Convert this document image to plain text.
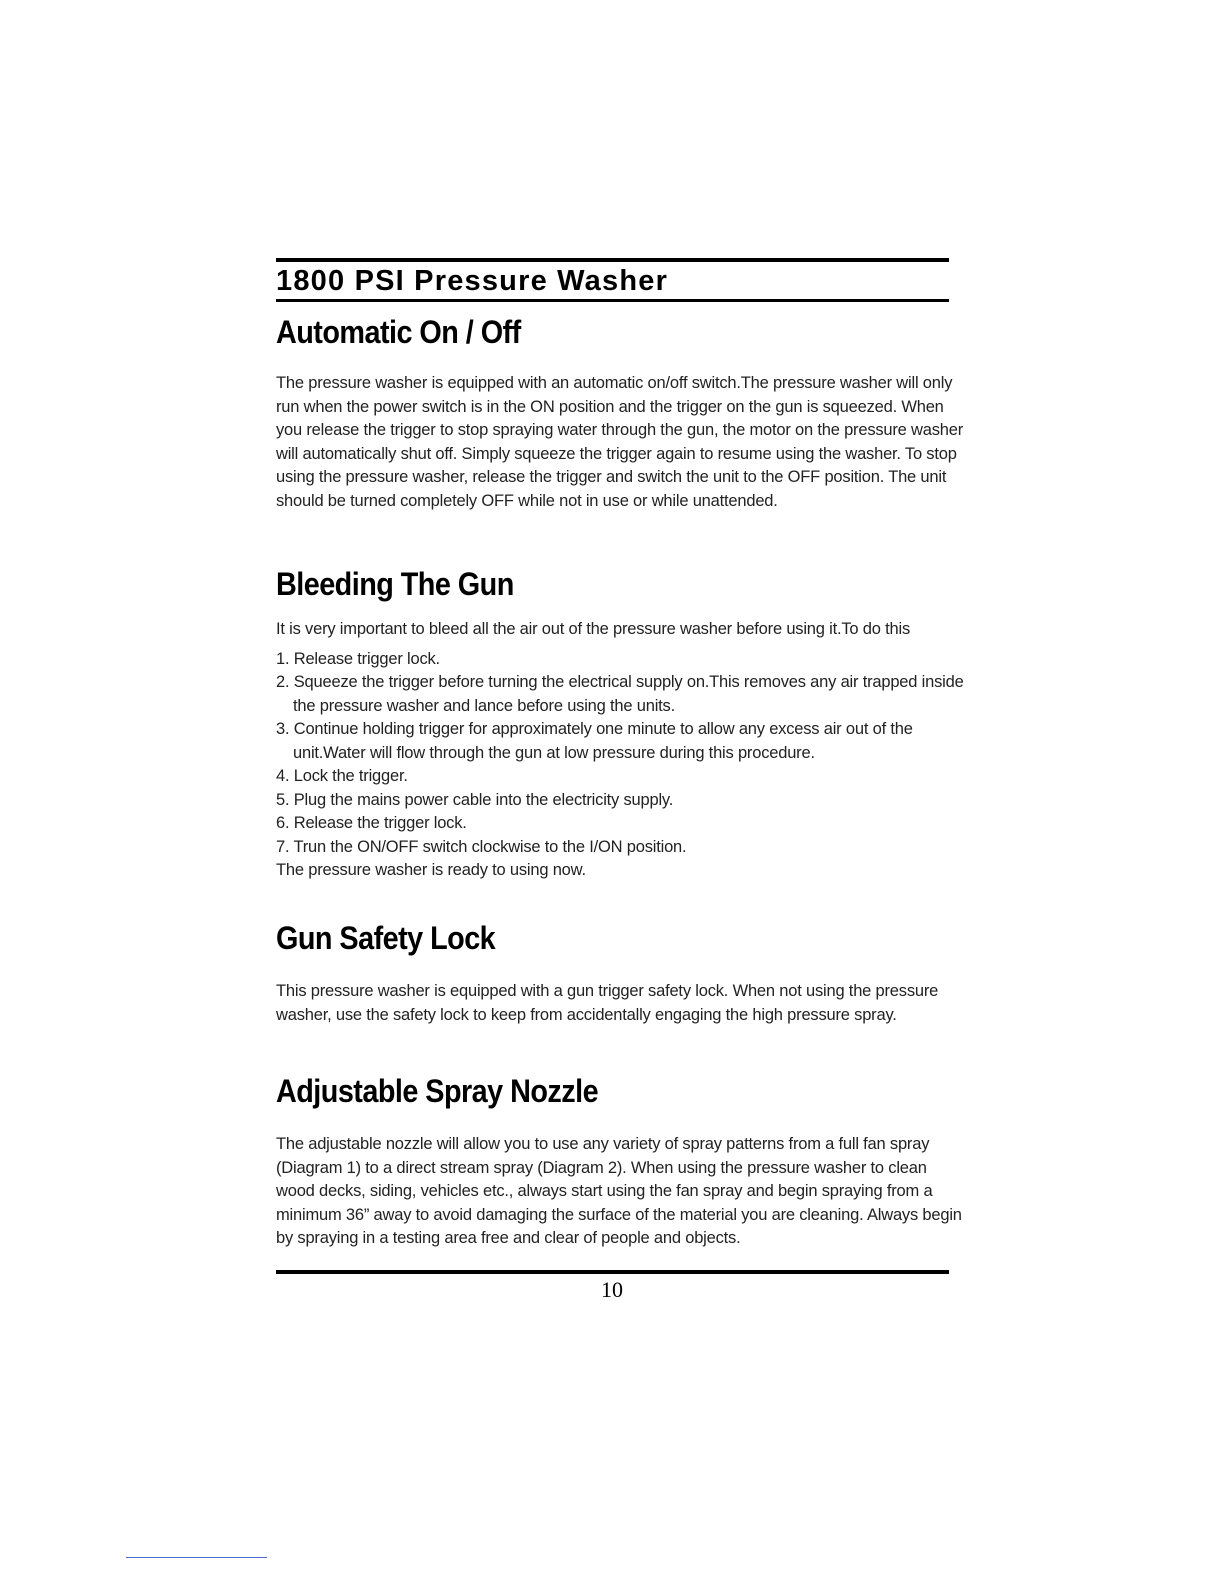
1800 PSI Pressure Washer
Automatic On / Off

The pressure washer is equipped with an automatic on/off switch.The pressure washer will only run when the power switch is in the ON position and the trigger on the gun is squeezed. When you release the trigger to stop spraying water through the gun, the motor on the pressure washer will automatically shut off. Simply squeeze the trigger again to resume using the washer. To stop using the pressure washer, release the trigger and switch the unit to the OFF position. The unit should be turned completely OFF while not in use or while unattended.

Bleeding The Gun

It is very important to bleed all the air out of the pressure washer before using it.To do this

1. Release trigger lock.
2. Squeeze the trigger before turning the electrical supply on.This removes any air trapped inside the pressure washer and lance before using the units.
3. Continue holding trigger for approximately one minute to allow any excess air out of the unit.Water will flow through the gun at low pressure during this procedure.
4. Lock the trigger.
5. Plug the mains power cable into the electricity supply.
6. Release the trigger lock.
7. Trun the ON/OFF switch clockwise to the I/ON position.

The pressure washer is ready to using now.

Gun Safety Lock

This pressure washer is equipped with a gun trigger safety lock. When not using the pressure washer, use the safety lock to keep from accidentally engaging the high pressure spray.

Adjustable Spray Nozzle

The adjustable nozzle will allow you to use any variety of spray patterns from a full fan spray (Diagram 1) to a direct stream spray (Diagram 2). When using the pressure washer to clean wood decks, siding, vehicles etc., always start using the fan spray and begin spraying from a minimum 36” away to avoid damaging the surface of the material you are cleaning. Always begin by spraying in a testing area free and clear of people and objects.

10
